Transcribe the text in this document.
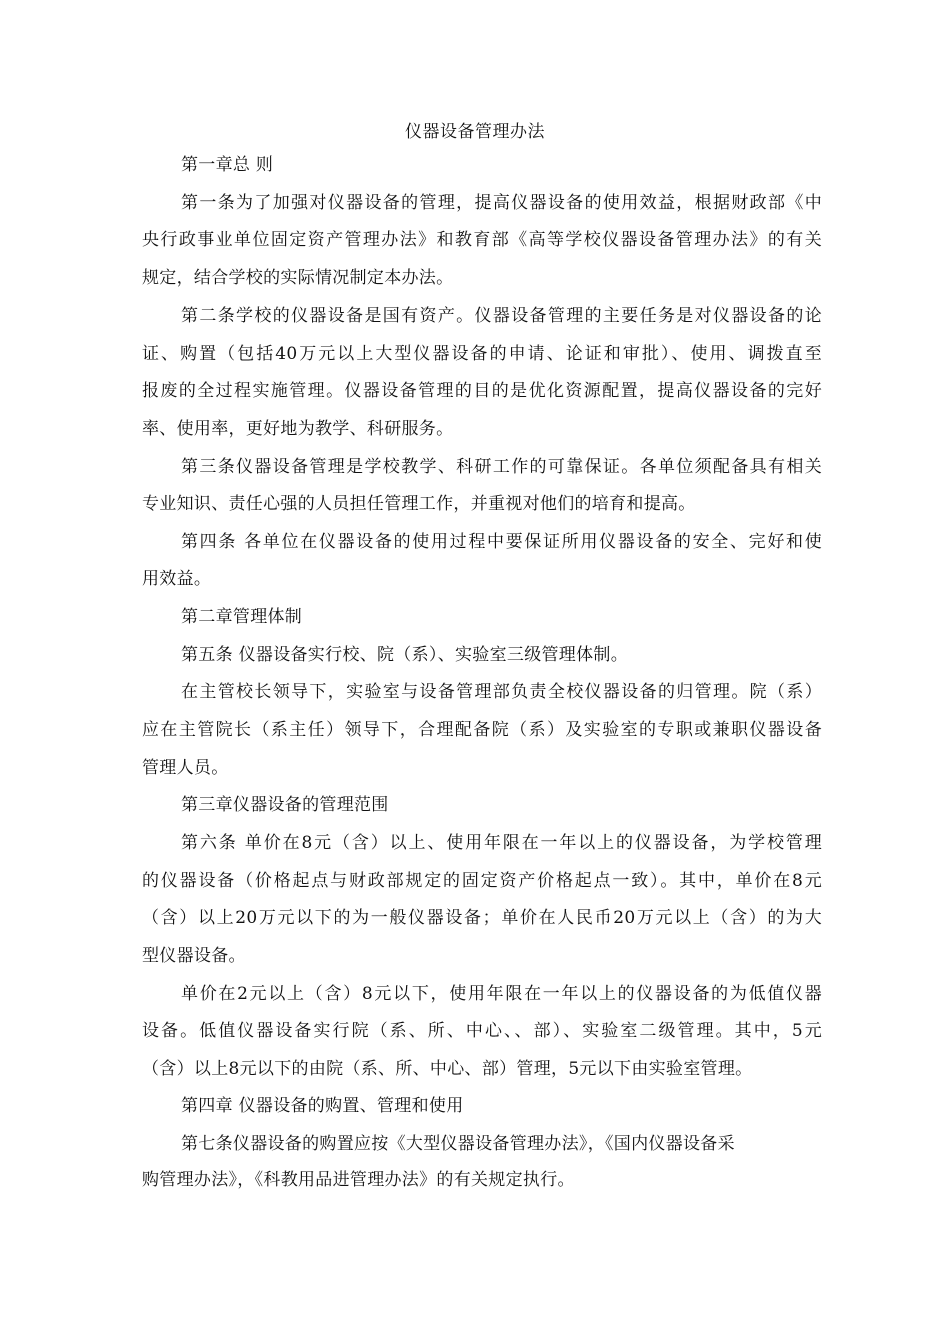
仪器设备管理办法
第一章总 则
第一条为了加强对仪器设备的管理，提高仪器设备的使用效益，根据财政部《中
央行政事业单位固定资产管理办法》和教育部《高等学校仪器设备管理办法》的有关
规定，结合学校的实际情况制定本办法。
第二条学校的仪器设备是国有资产。仪器设备管理的主要任务是对仪器设备的论
证、购置（包括40万元以上大型仪器设备的申请、论证和审批）、使用、调拨直至
报废的全过程实施管理。仪器设备管理的目的是优化资源配置，提高仪器设备的完好
率、使用率，更好地为教学、科研服务。
第三条仪器设备管理是学校教学、科研工作的可靠保证。各单位须配备具有相关
专业知识、责任心强的人员担任管理工作，并重视对他们的培育和提高。
第四条 各单位在仪器设备的使用过程中要保证所用仪器设备的安全、完好和使
用效益。
第二章管理体制
第五条 仪器设备实行校、院（系）、实验室三级管理体制。
在主管校长领导下，实验室与设备管理部负责全校仪器设备的归管理。院（系）
应在主管院长（系主任）领导下，合理配备院（系）及实验室的专职或兼职仪器设备
管理人员。
第三章仪器设备的管理范围
第六条 单价在8元（含）以上、使用年限在一年以上的仪器设备，为学校管理
的仪器设备（价格起点与财政部规定的固定资产价格起点一致）。其中，单价在8元
（含）以上20万元以下的为一般仪器设备；单价在人民币20万元以上（含）的为大
型仪器设备。
单价在2元以上（含）8元以下，使用年限在一年以上的仪器设备的为低值仪器
设备。低值仪器设备实行院（系、所、中心、、部）、实验室二级管理。其中，5元
（含）以上8元以下的由院（系、所、中心、部）管理，5元以下由实验室管理。
第四章 仪器设备的购置、管理和使用
第七条仪器设备的购置应按《大型仪器设备管理办法》，《国内仪器设备采
购管理办法》，《科教用品进管理办法》的有关规定执行。
